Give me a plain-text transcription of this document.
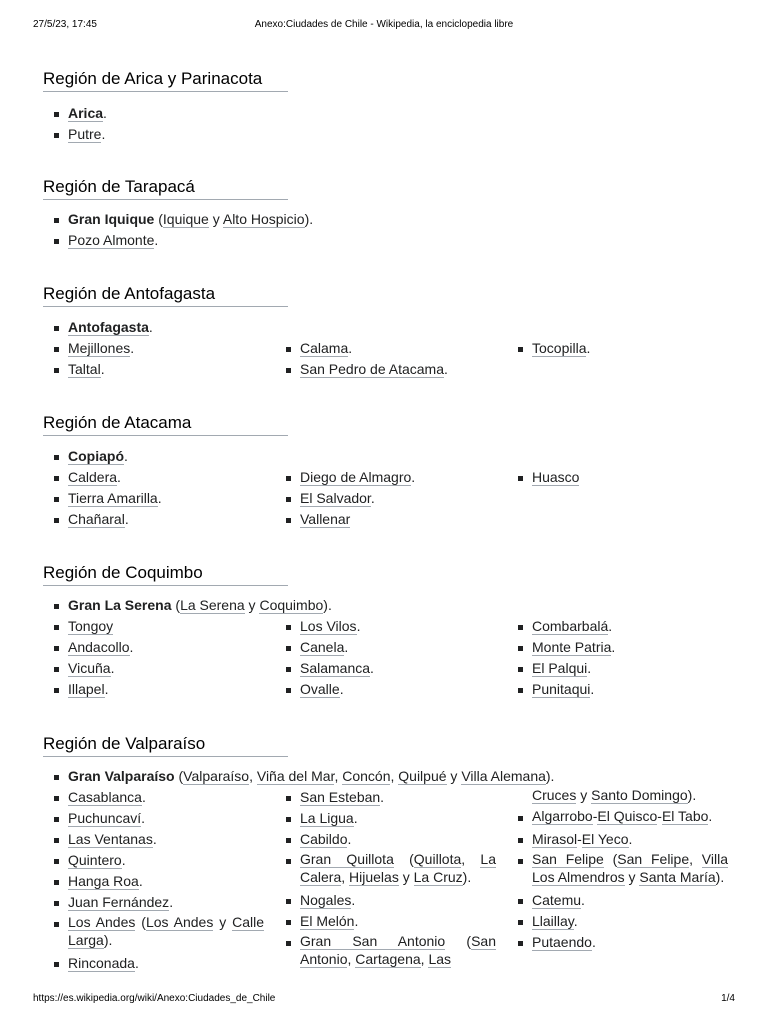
27/5/23, 17:45	Anexo:Ciudades de Chile - Wikipedia, la enciclopedia libre
Región de Arica y Parinacota
Arica.
Putre.
Región de Tarapacá
Gran Iquique (Iquique y Alto Hospicio).
Pozo Almonte.
Región de Antofagasta
Antofagasta.
Mejillones.
Taltal.
Calama.
San Pedro de Atacama.
Tocopilla.
Región de Atacama
Copiapó.
Caldera.
Tierra Amarilla.
Chañaral.
Diego de Almagro.
El Salvador.
Vallenar
Huasco
Región de Coquimbo
Gran La Serena (La Serena y Coquimbo).
Tongoy
Andacollo.
Vicuña.
Illapel.
Los Vilos.
Canela.
Salamanca.
Ovalle.
Combarbalá.
Monte Patria.
El Palqui.
Punitaqui.
Región de Valparaíso
Gran Valparaíso (Valparaíso, Viña del Mar, Concón, Quilpué y Villa Alemana).
Casablanca.
Puchuncaví.
Las Ventanas.
Quintero.
Hanga Roa.
Juan Fernández.
Los Andes (Los Andes y Calle Larga).
Rinconada.
San Esteban.
La Ligua.
Cabildo.
Gran Quillota (Quillota, La Calera, Hijuelas y La Cruz).
Nogales.
El Melón.
Gran San Antonio (San Antonio, Cartagena, Las
Cruces y Santo Domingo).
Algarrobo-El Quisco-El Tabo.
Mirasol-El Yeco.
San Felipe (San Felipe, Villa Los Almendros y Santa María).
Catemu.
Llaillay.
Putaendo.
https://es.wikipedia.org/wiki/Anexo:Ciudades_de_Chile	1/4
